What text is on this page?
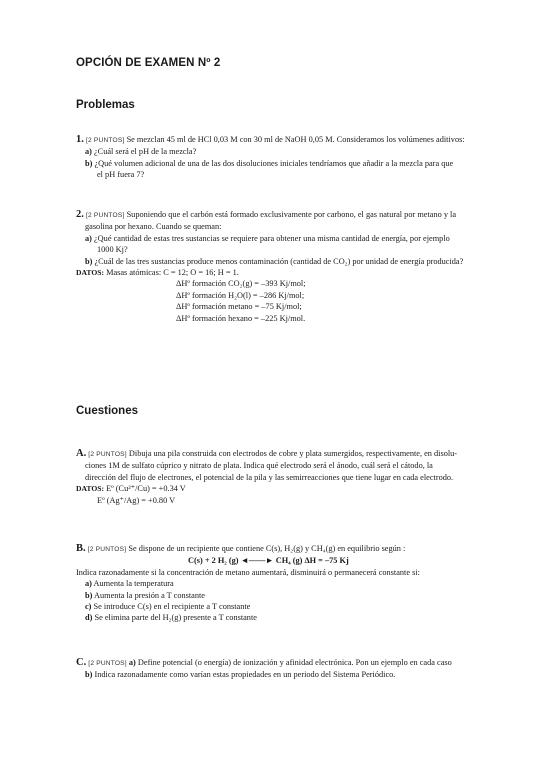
OPCIÓN DE EXAMEN Nº 2
Problemas

1. [2 PUNTOS] Se mezclan 45 ml de HCl 0,03 M con 30 ml de NaOH 0,05 M. Consideramos los volúmenes aditivos:

a) ¿Cuál será el pH de la mezcla?

b) ¿Qué volumen adicional de una de las dos disoluciones iniciales tendríamos que añadir a la mezcla para que

el pH fuera 7?

2. [2 PUNTOS] Suponiendo que el carbón está formado exclusivamente por carbono, el gas natural por metano y la

gasolina por hexano. Cuando se queman:

a) ¿Qué cantidad de estas tres sustancias se requiere para obtener una misma cantidad de energía, por ejemplo

1000 Kj?

b) ¿Cuál de las tres sustancias produce menos contaminación (cantidad de CO₂) por unidad de energía producida?

DATOS: Masas atómicas: C = 12; O = 16; H = 1.

ΔHº formación CO₂(g) = –393 Kj/mol;

ΔHº formación H₂O(l) = –286 Kj/mol;

ΔHº formación metano = –75 Kj/mol;

ΔHº formación hexano = –225 Kj/mol.

Cuestiones

A. [2 PUNTOS] Dibuja una pila construida con electrodos de cobre y plata sumergidos, respectivamente, en disolu-

ciones 1M de sulfato cúprico y nitrato de plata. Indica qué electrodo será el ánodo, cuál será el cátodo, la

dirección del flujo de electrones, el potencial de la pila y las semirreacciones que tiene lugar en cada electrodo.

DATOS: Eº (Cu²⁺/Cu) = +0.34 V

Eº (Ag⁺/Ag) = +0.80 V

B. [2 PUNTOS] Se dispone de un recipiente que contiene C(s), H₂(g) y CH₄(g) en equilibrio según :

C(s) + 2 H₂ (g) ◄——► CH₄ (g) ΔH = –75 Kj

Indica razonadamente si la concentración de metano aumentará, disminuirá o permanecerá constante si:

a) Aumenta la temperatura

b) Aumenta la presión a T constante

c) Se introduce C(s) en el recipiente a T constante

d) Se elimina parte del H₂(g) presente a T constante

C. [2 PUNTOS] a) Define potencial (o energía) de ionización y afinidad electrónica. Pon un ejemplo en cada caso

b) Indica razonadamente como varían estas propiedades en un periodo del Sistema Periódico.
